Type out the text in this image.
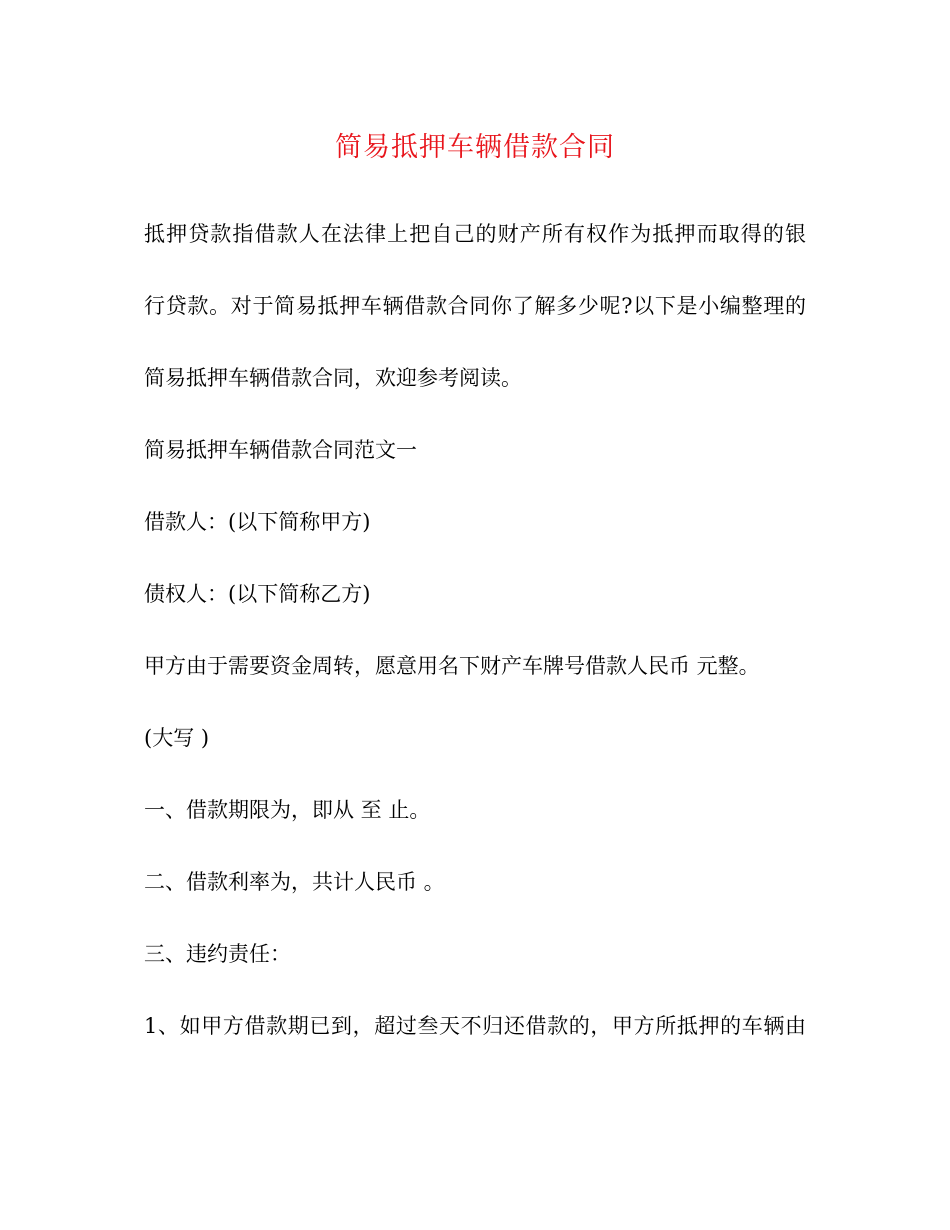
简易抵押车辆借款合同
抵押贷款指借款人在法律上把自己的财产所有权作为抵押而取得的银
行贷款。对于简易抵押车辆借款合同你了解多少呢?以下是小编整理的
简易抵押车辆借款合同，欢迎参考阅读。
简易抵押车辆借款合同范文一
借款人：(以下简称甲方)
债权人：(以下简称乙方)
甲方由于需要资金周转，愿意用名下财产车牌号借款人民币 元整。
(大写 )
一、借款期限为，即从 至 止。
二、借款利率为，共计人民币 。
三、违约责任：
1、如甲方借款期已到，超过叁天不归还借款的，甲方所抵押的车辆由
